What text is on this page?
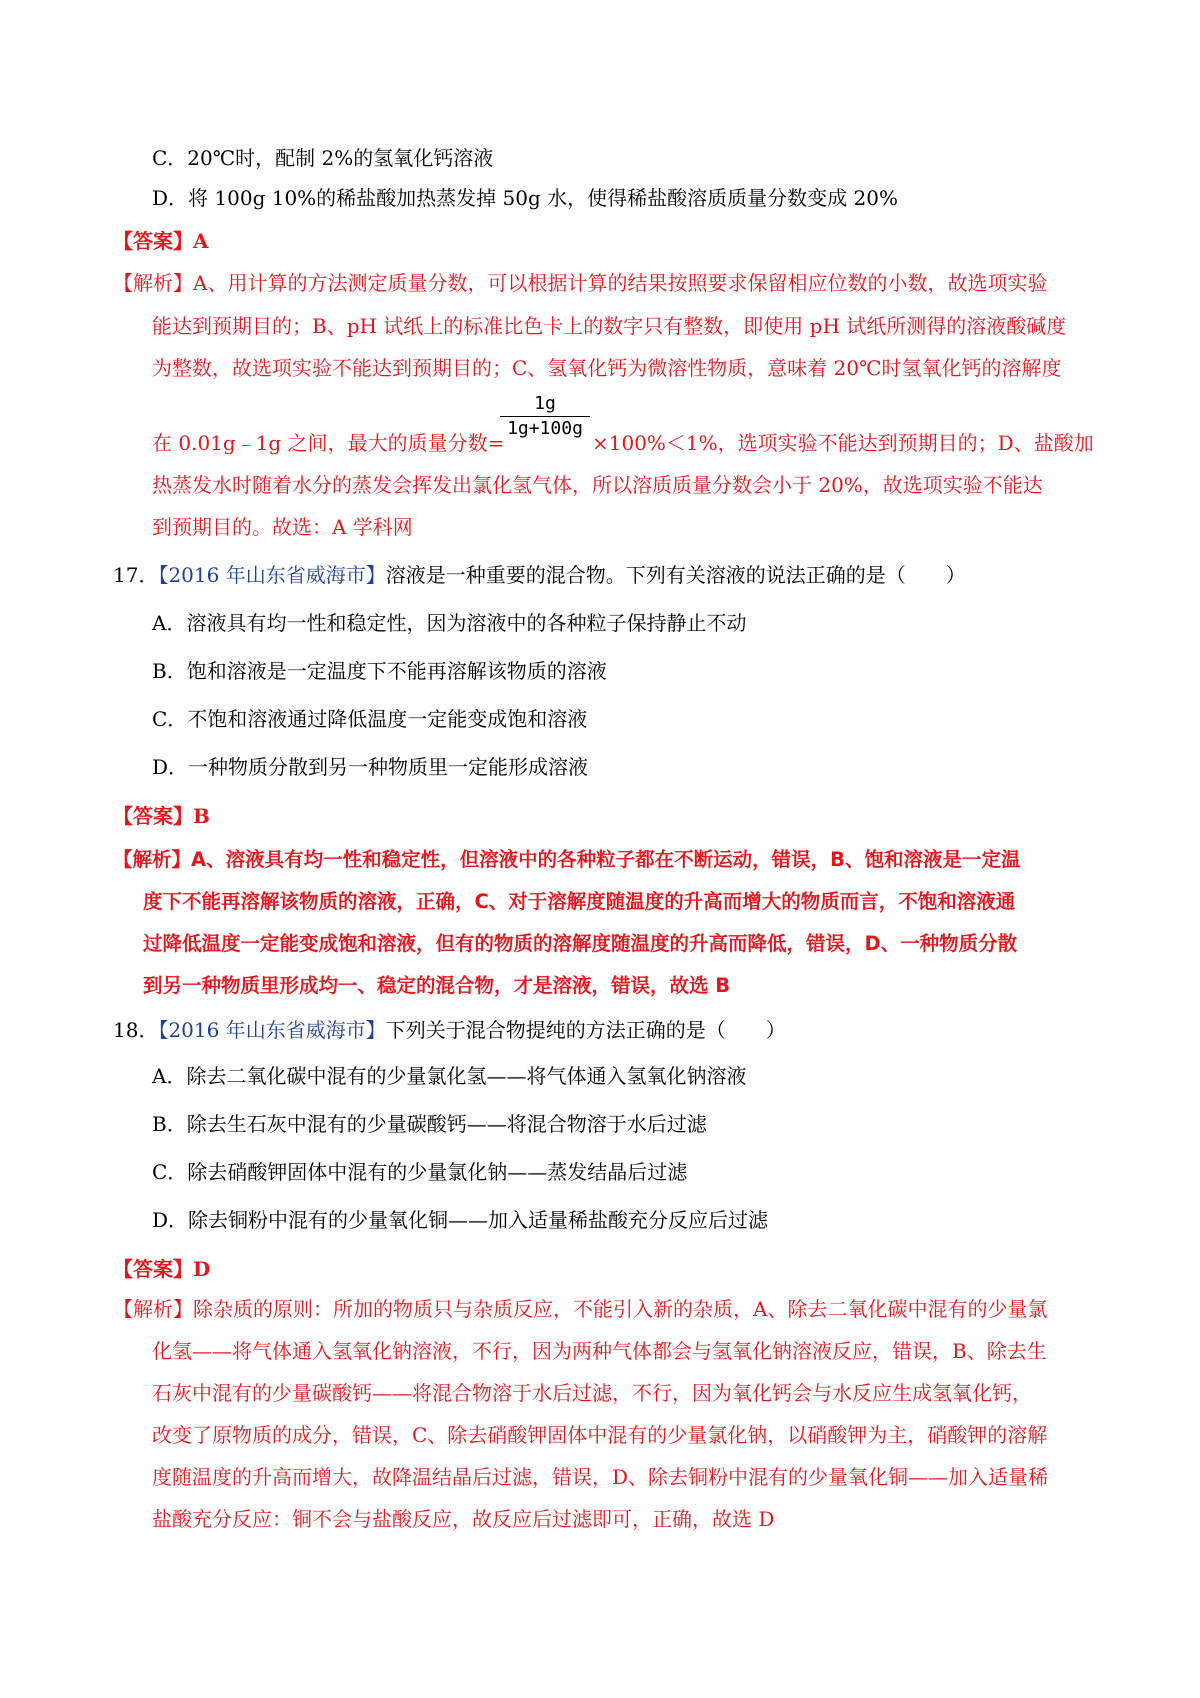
C．20℃时，配制 2%的氢氧化钙溶液
D．将 100g 10%的稀盐酸加热蒸发掉 50g 水，使得稀盐酸溶质质量分数变成 20%
【答案】A
【解析】A、用计算的方法测定质量分数，可以根据计算的结果按照要求保留相应位数的小数，故选项实验
能达到预期目的；B、pH 试纸上的标准比色卡上的数字只有整数，即使用 pH 试纸所测得的溶液酸碱度
为整数，故选项实验不能达到预期目的；C、氢氧化钙为微溶性物质，意味着 20℃时氢氧化钙的溶解度
在 0.01g﹣1g 之间，最大的质量分数=
1g
1g+100g
×100%＜1%，选项实验不能达到预期目的；D、盐酸加
热蒸发水时随着水分的蒸发会挥发出氯化氢气体，所以溶质质量分数会小于 20%，故选项实验不能达
到预期目的。故选：A 学科网
17．【2016 年山东省威海市】溶液是一种重要的混合物。下列有关溶液的说法正确的是（　　）
A．溶液具有均一性和稳定性，因为溶液中的各种粒子保持静止不动
B．饱和溶液是一定温度下不能再溶解该物质的溶液
C．不饱和溶液通过降低温度一定能变成饱和溶液
D．一种物质分散到另一种物质里一定能形成溶液
【答案】B
【解析】A、溶液具有均一性和稳定性，但溶液中的各种粒子都在不断运动，错误，B、饱和溶液是一定温
度下不能再溶解该物质的溶液，正确，C、对于溶解度随温度的升高而增大的物质而言，不饱和溶液通
过降低温度一定能变成饱和溶液，但有的物质的溶解度随温度的升高而降低，错误，D、一种物质分散
到另一种物质里形成均一、稳定的混合物，才是溶液，错误，故选 B
18．【2016 年山东省威海市】下列关于混合物提纯的方法正确的是（　　）
A．除去二氧化碳中混有的少量氯化氢——将气体通入氢氧化钠溶液
B．除去生石灰中混有的少量碳酸钙——将混合物溶于水后过滤
C．除去硝酸钾固体中混有的少量氯化钠——蒸发结晶后过滤
D．除去铜粉中混有的少量氧化铜——加入适量稀盐酸充分反应后过滤
【答案】D
【解析】除杂质的原则：所加的物质只与杂质反应，不能引入新的杂质，A、除去二氧化碳中混有的少量氯
化氢——将气体通入氢氧化钠溶液，不行，因为两种气体都会与氢氧化钠溶液反应，错误，B、除去生
石灰中混有的少量碳酸钙——将混合物溶于水后过滤，不行，因为氧化钙会与水反应生成氢氧化钙，
改变了原物质的成分，错误，C、除去硝酸钾固体中混有的少量氯化钠，以硝酸钾为主，硝酸钾的溶解
度随温度的升高而增大，故降温结晶后过滤，错误，D、除去铜粉中混有的少量氧化铜——加入适量稀
盐酸充分反应：铜不会与盐酸反应，故反应后过滤即可，正确，故选 D
